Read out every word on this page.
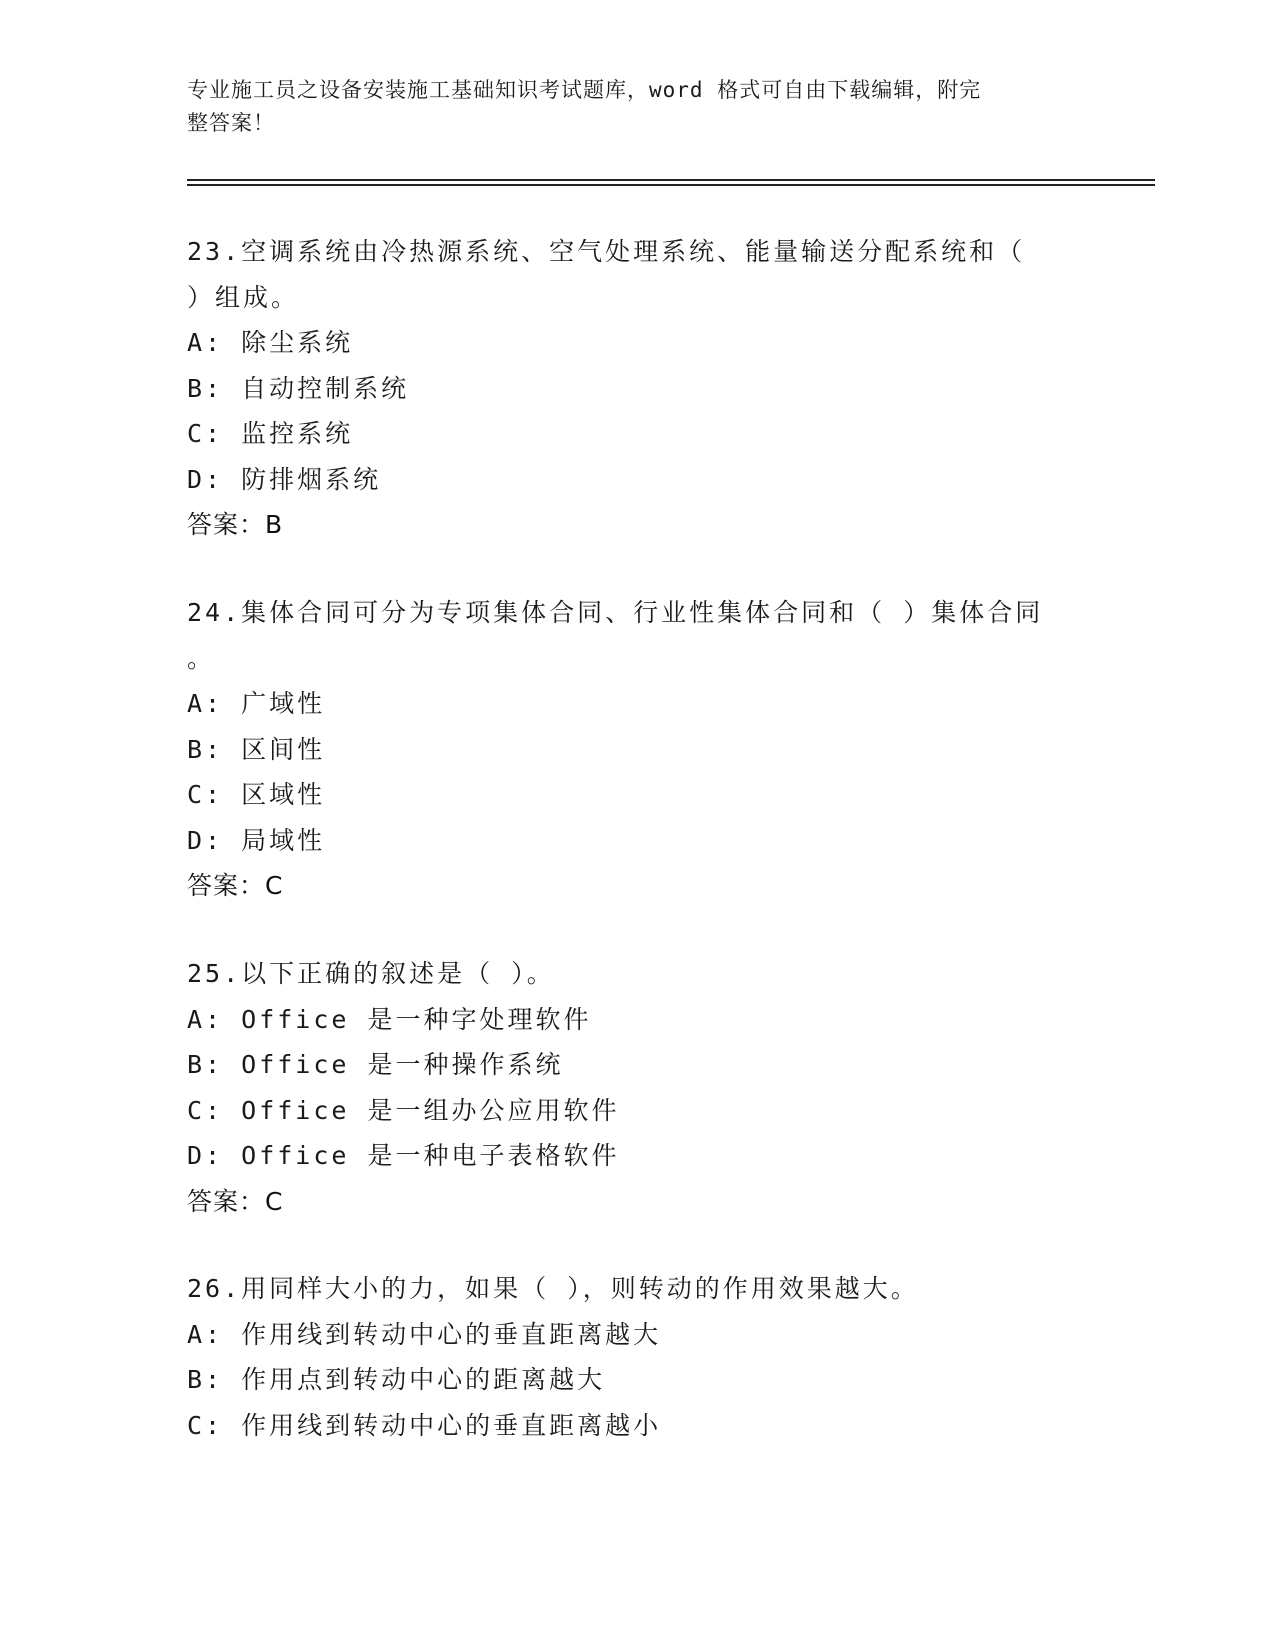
专业施工员之设备安装施工基础知识考试题库，word 格式可自由下载编辑，附完
整答案！
23.空调系统由冷热源系统、空气处理系统、能量输送分配系统和（
）组成。
A: 除尘系统
B: 自动控制系统
C: 监控系统
D: 防排烟系统
答案：B
24.集体合同可分为专项集体合同、行业性集体合同和（ ）集体合同
。
A: 广域性
B: 区间性
C: 区域性
D: 局域性
答案：C
25.以下正确的叙述是（ ）。
A: Office 是一种字处理软件
B: Office 是一种操作系统
C: Office 是一组办公应用软件
D: Office 是一种电子表格软件
答案：C
26.用同样大小的力，如果（ ），则转动的作用效果越大。
A: 作用线到转动中心的垂直距离越大
B: 作用点到转动中心的距离越大
C: 作用线到转动中心的垂直距离越小
